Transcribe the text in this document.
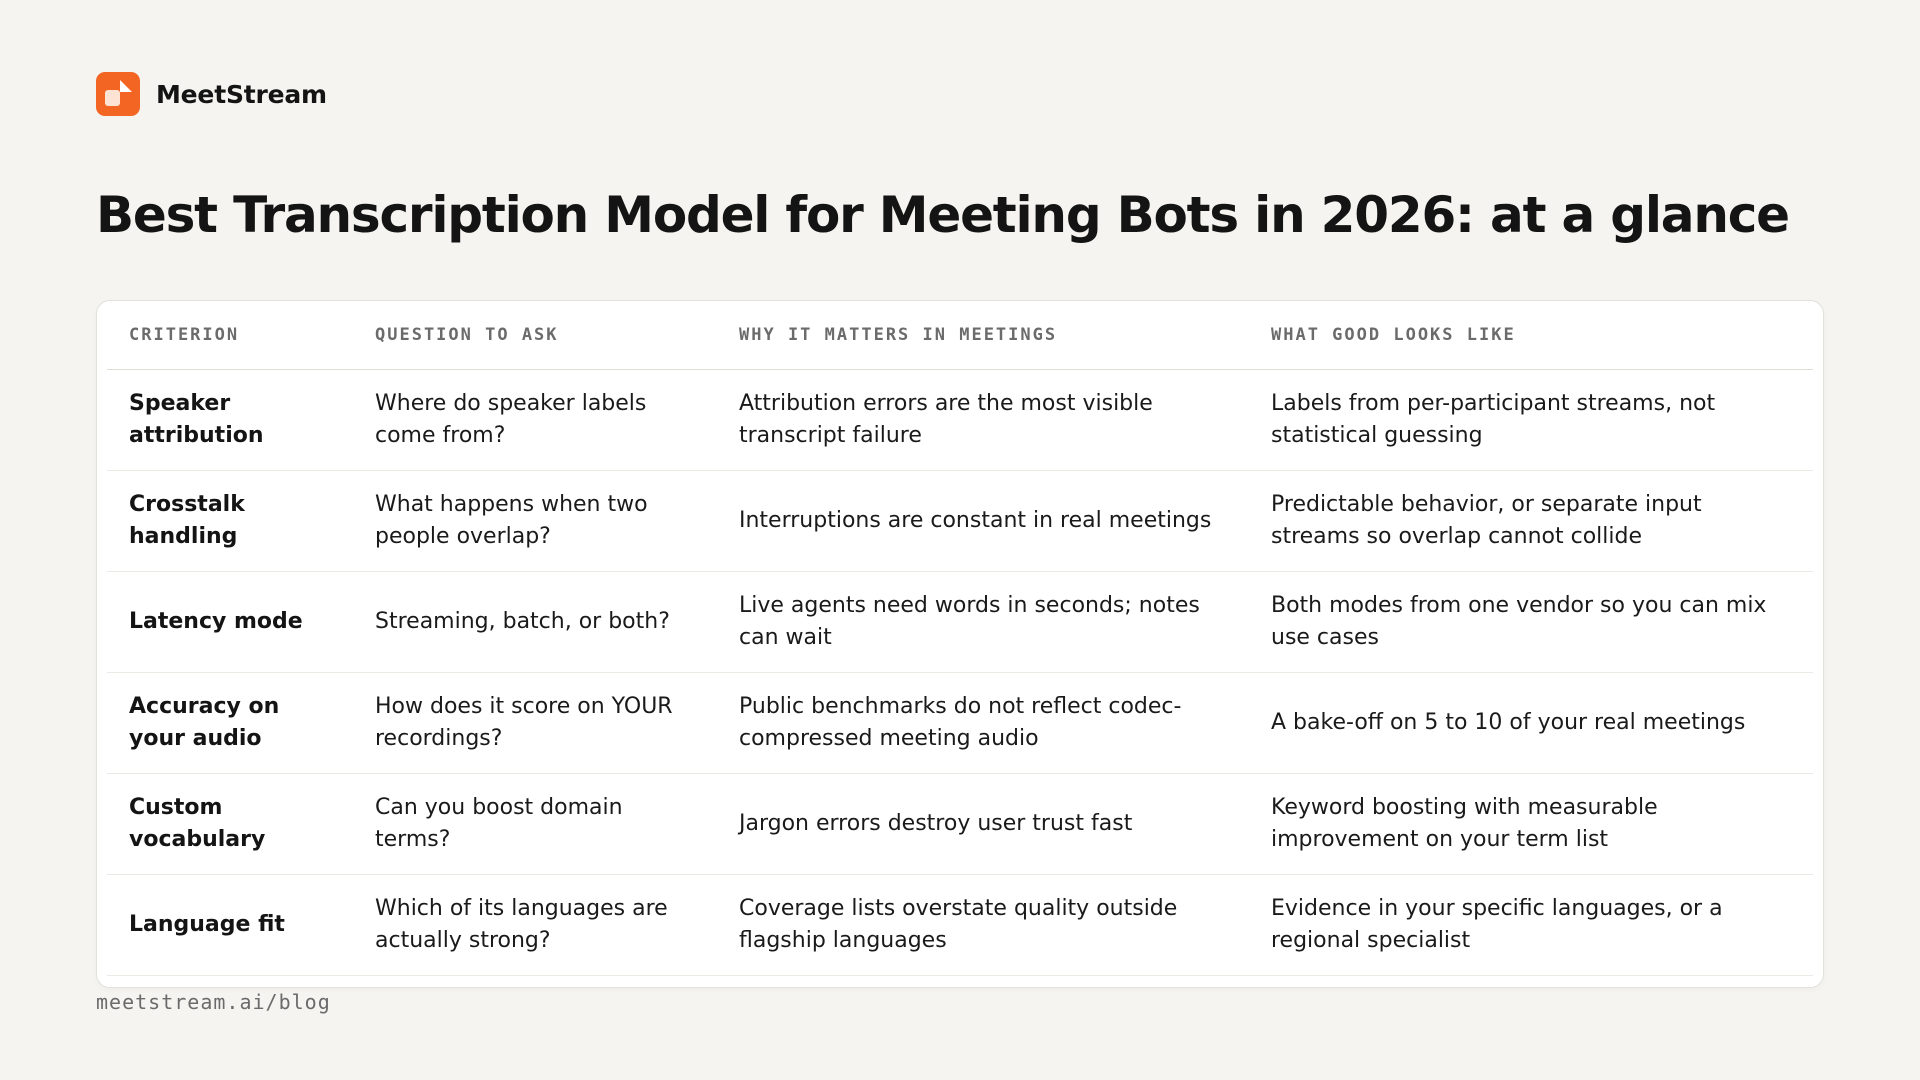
MeetStream
Best Transcription Model for Meeting Bots in 2026: at a glance
CRITERION	QUESTION TO ASK	WHY IT MATTERS IN MEETINGS	WHAT GOOD LOOKS LIKE
Speaker attribution	Where do speaker labels come from?	Attribution errors are the most visible transcript failure	Labels from per-participant streams, not statistical guessing
Crosstalk handling	What happens when two people overlap?	Interruptions are constant in real meetings	Predictable behavior, or separate input streams so overlap cannot collide
Latency mode	Streaming, batch, or both?	Live agents need words in seconds; notes can wait	Both modes from one vendor so you can mix use cases
Accuracy on your audio	How does it score on YOUR recordings?	Public benchmarks do not reflect codec-compressed meeting audio	A bake-off on 5 to 10 of your real meetings
Custom vocabulary	Can you boost domain terms?	Jargon errors destroy user trust fast	Keyword boosting with measurable improvement on your term list
Language fit	Which of its languages are actually strong?	Coverage lists overstate quality outside flagship languages	Evidence in your specific languages, or a regional specialist
meetstream.ai/blog
